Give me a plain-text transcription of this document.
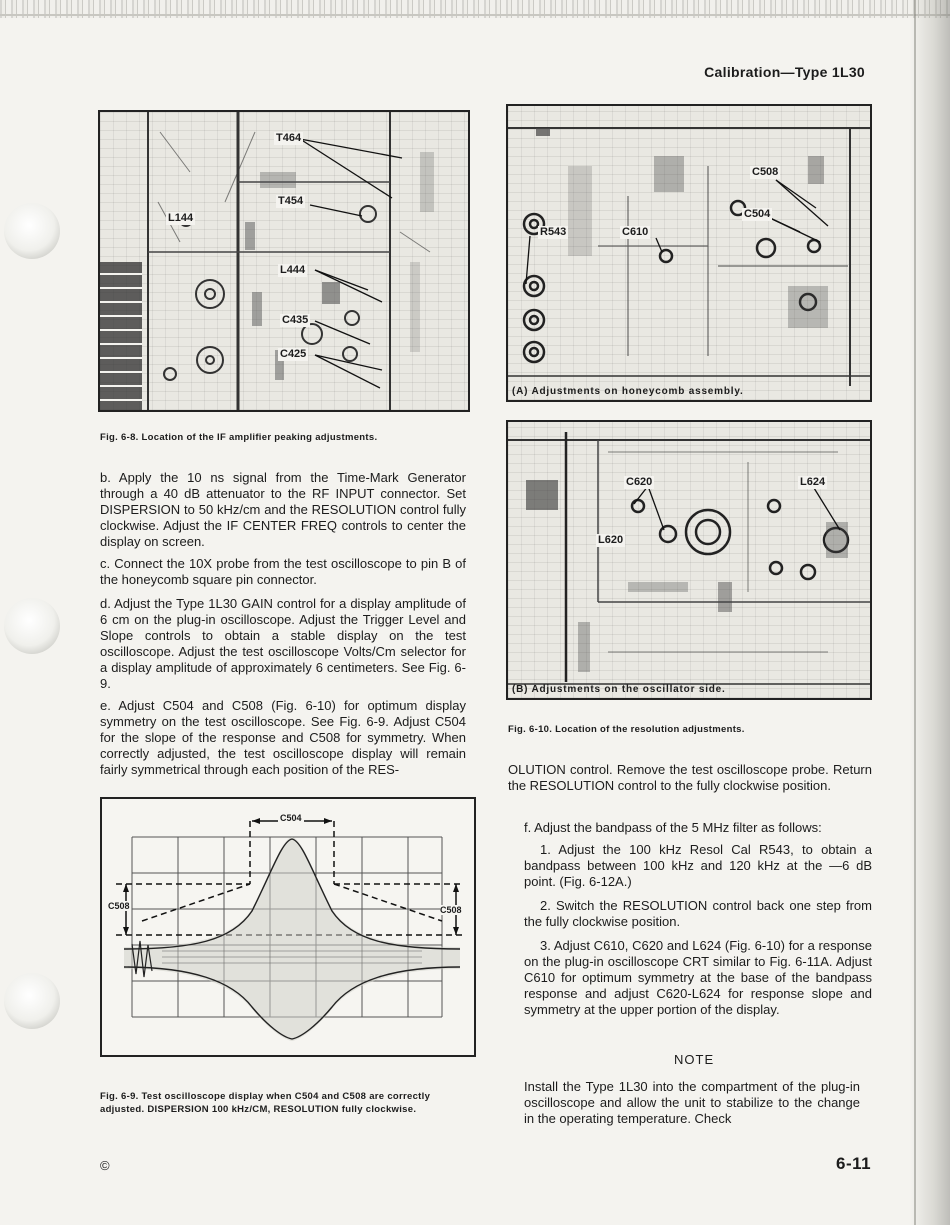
Calibration—Type 1L30
T464
T454
L144
L444
C435
C425
Fig. 6-8. Location of the IF amplifier peaking adjustments.
C508
C504
R543	C610
(A) Adjustments on honeycomb assembly.
C620	L624
L620
(B) Adjustments on the oscillator side.
Fig. 6-10. Location of the resolution adjustments.

b. Apply the 10 ns signal from the Time-Mark Generator through a 40 dB attenuator to the RF INPUT connector. Set DISPERSION to 50 kHz/cm and the RESOLUTION control fully clockwise. Adjust the IF CENTER FREQ controls to center the display on screen.

c. Connect the 10X probe from the test oscilloscope to pin B of the honeycomb square pin connector.

d. Adjust the Type 1L30 GAIN control for a display amplitude of 6 cm on the plug-in oscilloscope. Adjust the Trigger Level and Slope controls to obtain a stable display on the test oscilloscope. Adjust the test oscilloscope Volts/Cm selector for a display amplitude of approximately 6 centimeters. See Fig. 6-9.

e. Adjust C504 and C508 (Fig. 6-10) for optimum display symmetry on the test oscilloscope. See Fig. 6-9. Adjust C504 for the slope of the response and C508 for symmetry. When correctly adjusted, the test oscilloscope display will remain fairly symmetrical through each position of the RES-

C504
C508	C508
Fig. 6-9. Test oscilloscope display when C504 and C508 are correctly adjusted. DISPERSION 100 kHz/CM, RESOLUTION fully clockwise.

OLUTION control. Remove the test oscilloscope probe. Return the RESOLUTION control to the fully clockwise position.

f. Adjust the bandpass of the 5 MHz filter as follows:

1. Adjust the 100 kHz Resol Cal R543, to obtain a bandpass between 100 kHz and 120 kHz at the —6 dB point. (Fig. 6-12A.)

2. Switch the RESOLUTION control back one step from the fully clockwise position.

3. Adjust C610, C620 and L624 (Fig. 6-10) for a response on the plug-in oscilloscope CRT similar to Fig. 6-11A. Adjust C610 for optimum symmetry at the base of the bandpass response and adjust C620-L624 for response slope and symmetry at the upper portion of the display.

NOTE

Install the Type 1L30 into the compartment of the plug-in oscilloscope and allow the unit to stabilize to the change in the operating temperature. Check

©	6-11
